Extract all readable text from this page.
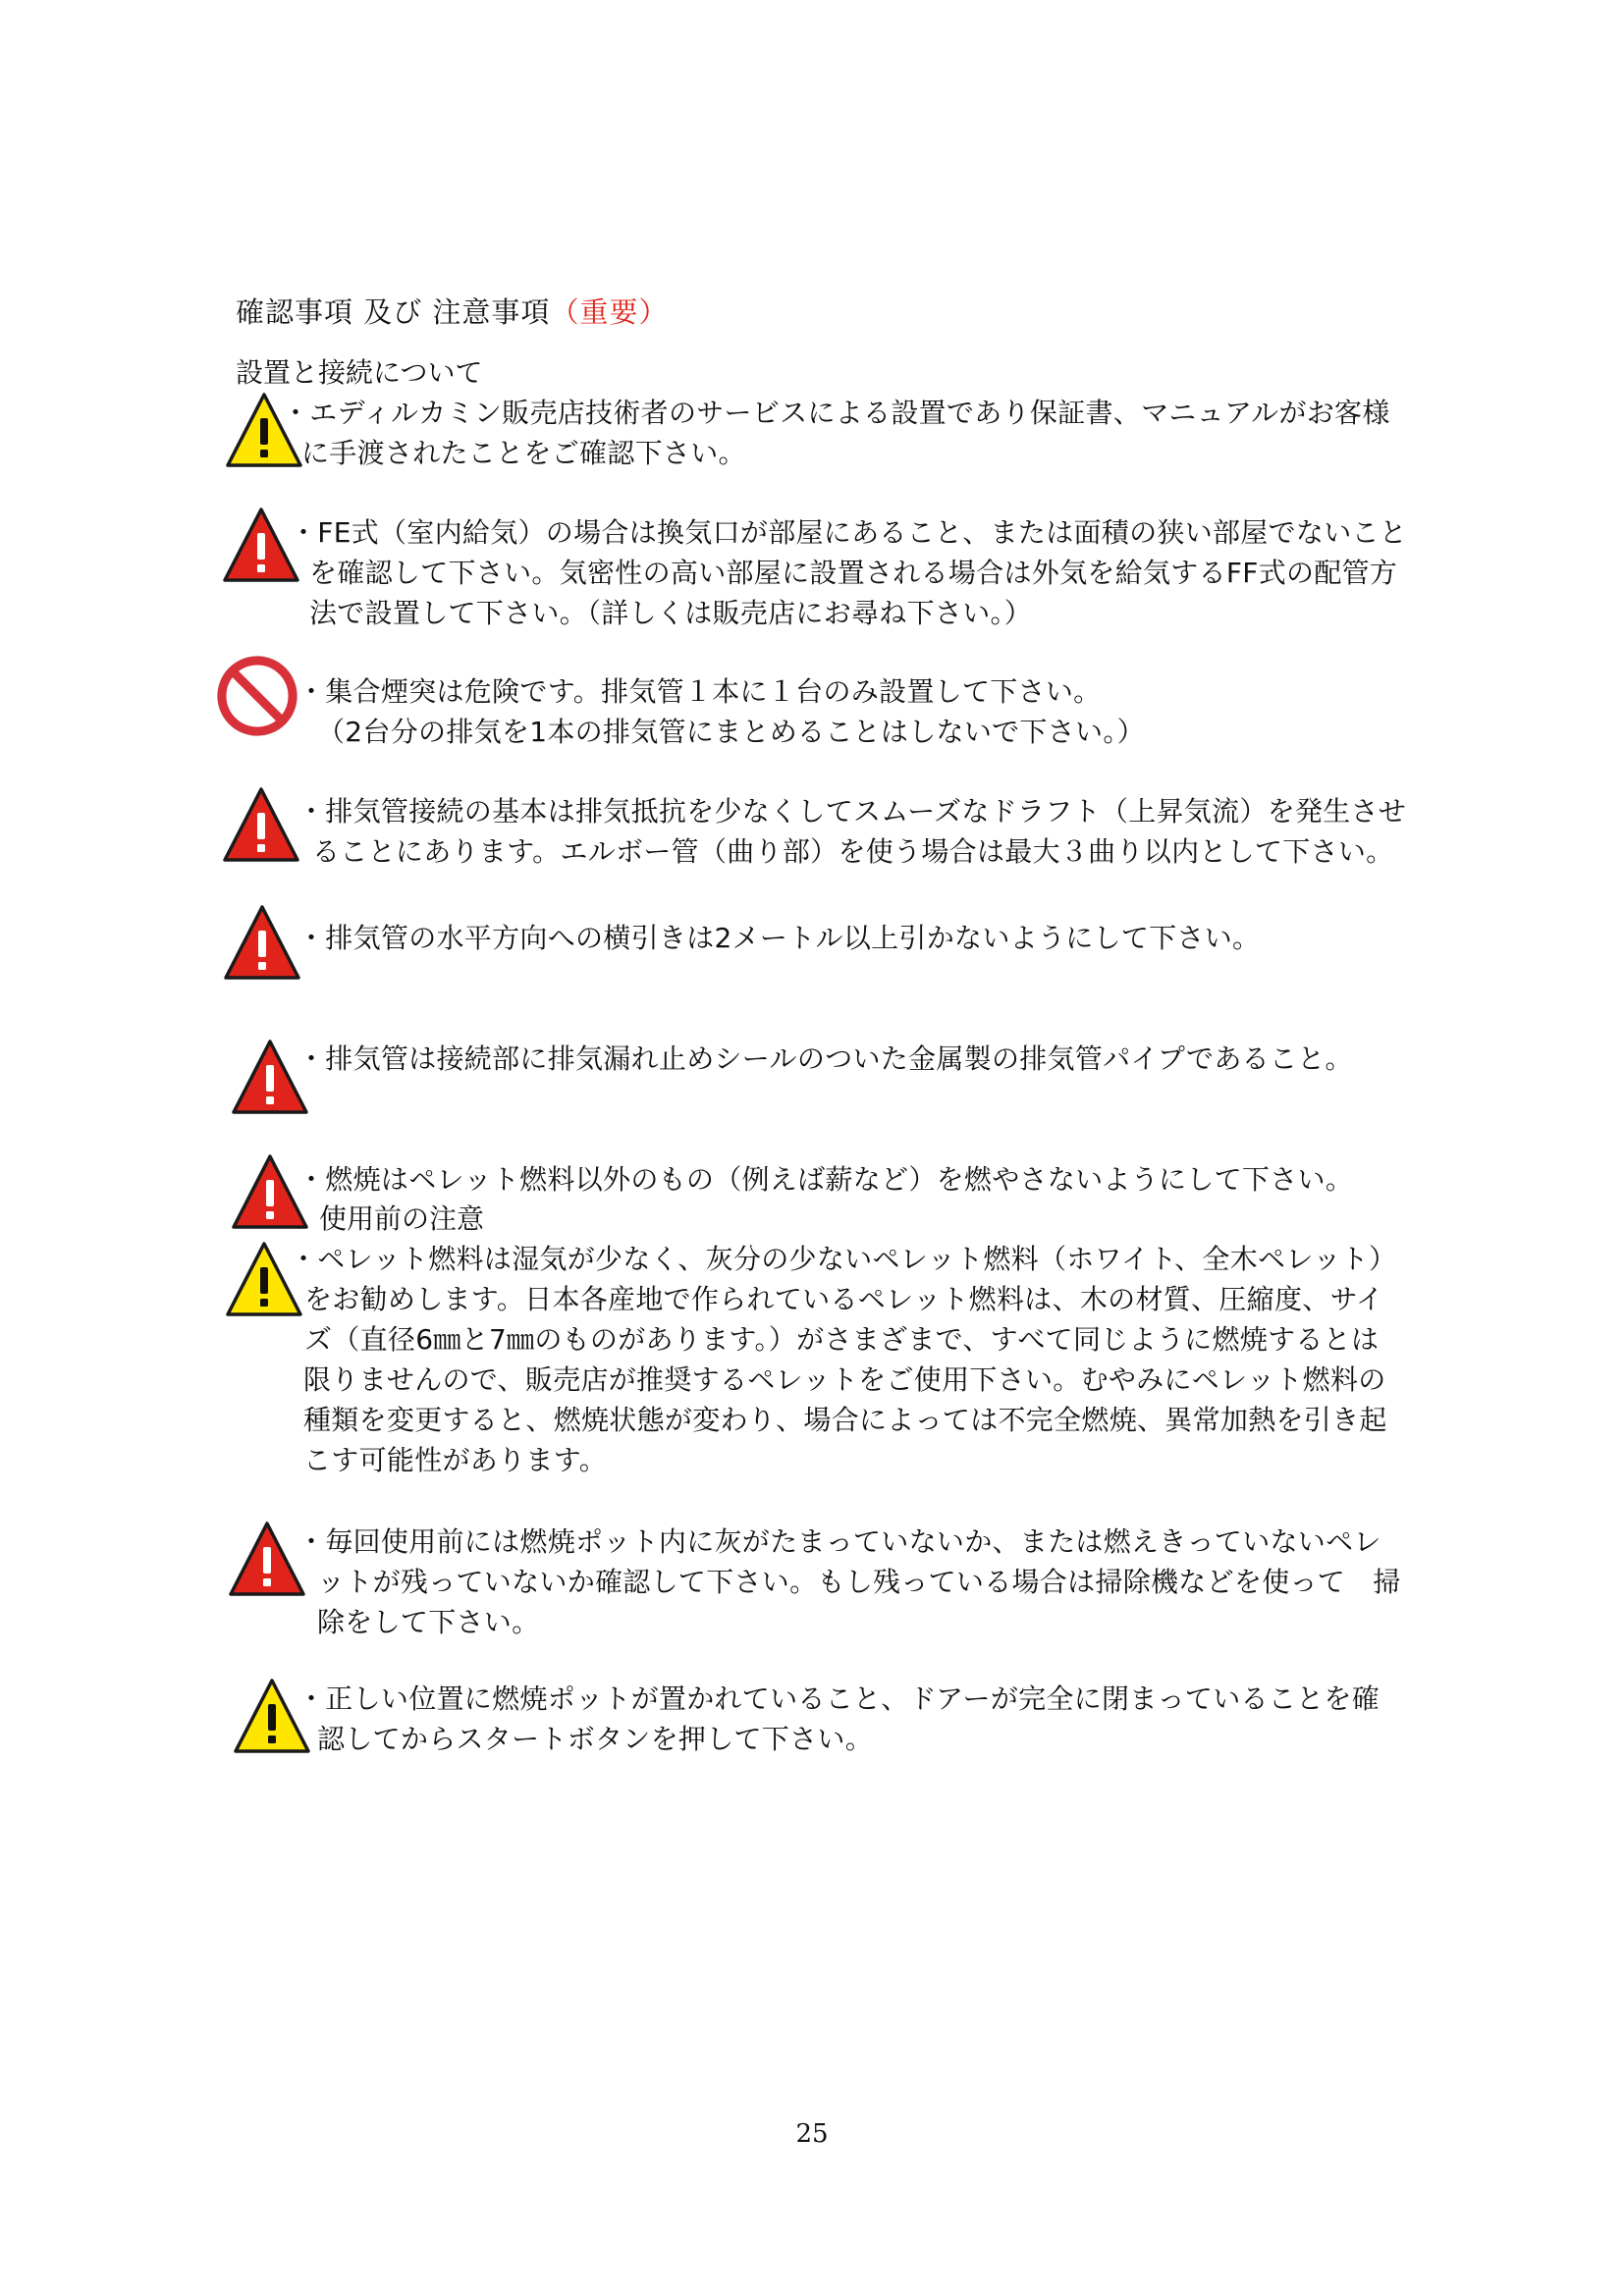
確認事項 及び 注意事項（重要）
設置と接続について
使用前の注意
・エディルカミン販売店技術者のサービスによる設置であり保証書、マニュアルがお客様
に手渡されたことをご確認下さい。
・FE式（室内給気）の場合は換気口が部屋にあること、または面積の狭い部屋でないこと
を確認して下さい。気密性の高い部屋に設置される場合は外気を給気するFF式の配管方
法で設置して下さい。（詳しくは販売店にお尋ね下さい。）
・集合煙突は危険です。排気管１本に１台のみ設置して下さい。
（2台分の排気を1本の排気管にまとめることはしないで下さい。）
・排気管接続の基本は排気抵抗を少なくしてスムーズなドラフト（上昇気流）を発生させ
ることにあります。エルボー管（曲り部）を使う場合は最大３曲り以内として下さい。
・排気管の水平方向への横引きは2メートル以上引かないようにして下さい。
・排気管は接続部に排気漏れ止めシールのついた金属製の排気管パイプであること。
・燃焼はペレット燃料以外のもの（例えば薪など）を燃やさないようにして下さい。
・ペレット燃料は湿気が少なく、灰分の少ないペレット燃料（ホワイト、全木ペレット）
をお勧めします。日本各産地で作られているペレット燃料は、木の材質、圧縮度、サイ
ズ（直径6㎜と7㎜のものがあります。）がさまざまで、すべて同じように燃焼するとは
限りませんので、販売店が推奨するペレットをご使用下さい。むやみにペレット燃料の
種類を変更すると、燃焼状態が変わり、場合によっては不完全燃焼、異常加熱を引き起
こす可能性があります。
・毎回使用前には燃焼ポット内に灰がたまっていないか、または燃えきっていないペレ
ットが残っていないか確認して下さい。もし残っている場合は掃除機などを使って　掃
除をして下さい。
・正しい位置に燃焼ポットが置かれていること、ドアーが完全に閉まっていることを確
認してからスタートボタンを押して下さい。
25
